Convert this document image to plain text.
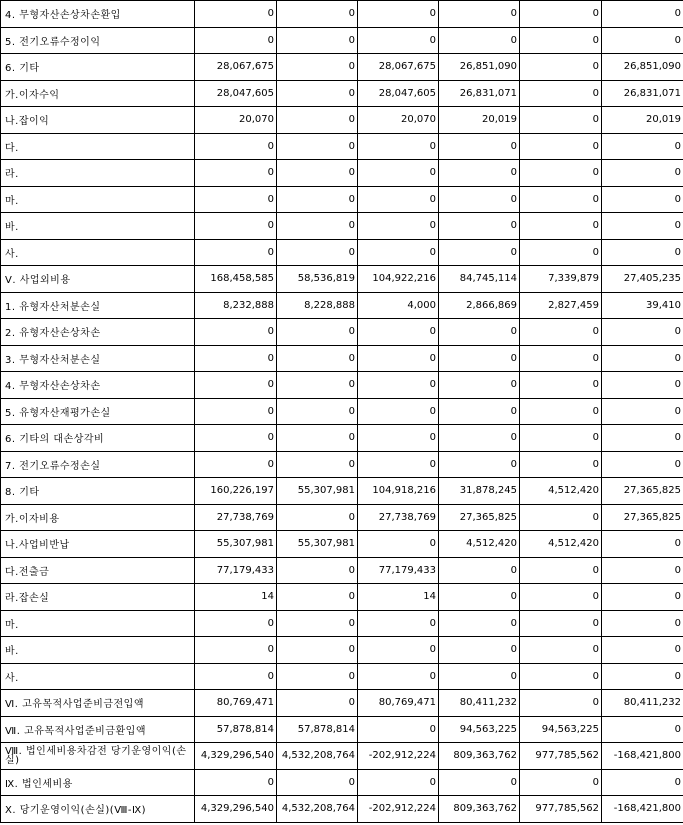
4. 무형자산손상차손환입	0	0	0	0	0	0
5. 전기오류수정이익	0	0	0	0	0	0
6. 기타	28,067,675	0	28,067,675	26,851,090	0	26,851,090
가.이자수익	28,047,605	0	28,047,605	26,831,071	0	26,831,071
나.잡이익	20,070	0	20,070	20,019	0	20,019
다.	0	0	0	0	0	0
라.	0	0	0	0	0	0
마.	0	0	0	0	0	0
바.	0	0	0	0	0	0
사.	0	0	0	0	0	0
Ⅴ. 사업외비용	168,458,585	58,536,819	104,922,216	84,745,114	7,339,879	27,405,235
1. 유형자산처분손실	8,232,888	8,228,888	4,000	2,866,869	2,827,459	39,410
2. 유형자산손상차손	0	0	0	0	0	0
3. 무형자산처분손실	0	0	0	0	0	0
4. 무형자산손상차손	0	0	0	0	0	0
5. 유형자산재평가손실	0	0	0	0	0	0
6. 기타의 대손상각비	0	0	0	0	0	0
7. 전기오류수정손실	0	0	0	0	0	0
8. 기타	160,226,197	55,307,981	104,918,216	31,878,245	4,512,420	27,365,825
가.이자비용	27,738,769	0	27,738,769	27,365,825	0	27,365,825
나.사업비반납	55,307,981	55,307,981	0	4,512,420	4,512,420	0
다.전출금	77,179,433	0	77,179,433	0	0	0
라.잡손실	14	0	14	0	0	0
마.	0	0	0	0	0	0
바.	0	0	0	0	0	0
사.	0	0	0	0	0	0
Ⅵ. 고유목적사업준비금전입액	80,769,471	0	80,769,471	80,411,232	0	80,411,232
Ⅶ. 고유목적사업준비금환입액	57,878,814	57,878,814	0	94,563,225	94,563,225	0
Ⅷ. 법인세비용차감전 당기운영이익(손실)	4,329,296,540	4,532,208,764	-202,912,224	809,363,762	977,785,562	-168,421,800
Ⅸ. 법인세비용	0	0	0	0	0	0
Ⅹ. 당기운영이익(손실)(Ⅷ-Ⅸ)	4,329,296,540	4,532,208,764	-202,912,224	809,363,762	977,785,562	-168,421,800
